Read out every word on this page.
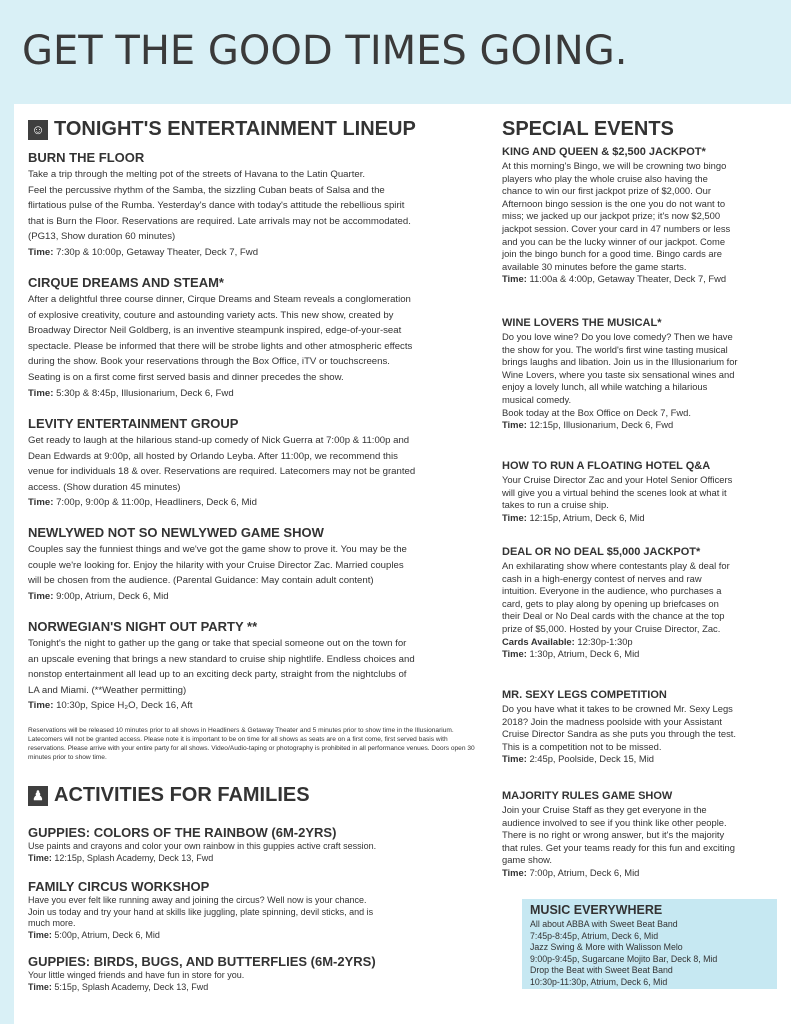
GET THE GOOD TIMES GOING.
☺ TONIGHT'S ENTERTAINMENT LINEUP

BURN THE FLOOR

Take a trip through the melting pot of the streets of Havana to the Latin Quarter.

Feel the percussive rhythm of the Samba, the sizzling Cuban beats of Salsa and the

flirtatious pulse of the Rumba. Yesterday's dance with today's attitude the rebellious spirit

that is Burn the Floor. Reservations are required. Late arrivals may not be accommodated.

(PG13, Show duration 60 minutes)

Time: 7:30p & 10:00p, Getaway Theater, Deck 7, Fwd

CIRQUE DREAMS AND STEAM*

After a delightful three course dinner, Cirque Dreams and Steam reveals a conglomeration

of explosive creativity, couture and astounding variety acts. This new show, created by

Broadway Director Neil Goldberg, is an inventive steampunk inspired, edge-of-your-seat

spectacle. Please be informed that there will be strobe lights and other atmospheric effects

during the show. Book your reservations through the Box Office, iTV or touchscreens.

Seating is on a first come first served basis and dinner precedes the show.

Time: 5:30p & 8:45p, Illusionarium, Deck 6, Fwd

LEVITY ENTERTAINMENT GROUP

Get ready to laugh at the hilarious stand-up comedy of Nick Guerra at 7:00p & 11:00p and

Dean Edwards at 9:00p, all hosted by Orlando Leyba. After 11:00p, we recommend this

venue for individuals 18 & over. Reservations are required. Latecomers may not be granted

access. (Show duration 45 minutes)

Time: 7:00p, 9:00p & 11:00p, Headliners, Deck 6, Mid

NEWLYWED NOT SO NEWLYWED GAME SHOW

Couples say the funniest things and we've got the game show to prove it. You may be the

couple we're looking for. Enjoy the hilarity with your Cruise Director Zac. Married couples

will be chosen from the audience. (Parental Guidance: May contain adult content)

Time: 9:00p, Atrium, Deck 6, Mid

NORWEGIAN'S NIGHT OUT PARTY **

Tonight's the night to gather up the gang or take that special someone out on the town for

an upscale evening that brings a new standard to cruise ship nightlife. Endless choices and

nonstop entertainment all lead up to an exciting deck party, straight from the nightclubs of

LA and Miami. (**Weather permitting)

Time: 10:30p, Spice H₂O, Deck 16, Aft

Reservations will be released 10 minutes prior to all shows in Headliners & Getaway Theater and 5 minutes prior to show time in the Illusionarium. Latecomers will not be granted access. Please note it is important to be on time for all shows as seats are on a first come, first served basis with reservations. Please arrive with your entire party for all shows. Video/Audio-taping or photography is prohibited in all performance venues. Doors open 30 minutes prior to show time.

♟ ACTIVITIES FOR FAMILIES

GUPPIES: COLORS OF THE RAINBOW (6M-2YRS)

Use paints and crayons and color your own rainbow in this guppies active craft session.

Time: 12:15p, Splash Academy, Deck 13, Fwd

FAMILY CIRCUS WORKSHOP

Have you ever felt like running away and joining the circus? Well now is your chance.

Join us today and try your hand at skills like juggling, plate spinning, devil sticks, and is

much more.

Time: 5:00p, Atrium, Deck 6, Mid

GUPPIES: BIRDS, BUGS, AND BUTTERFLIES (6M-2YRS)

Your little winged friends and have fun in store for you.

Time: 5:15p, Splash Academy, Deck 13, Fwd

SPECIAL EVENTS

KING AND QUEEN & $2,500 JACKPOT*

At this morning's Bingo, we will be crowning two bingo

players who play the whole cruise also having the

chance to win our first jackpot prize of $2,000. Our

Afternoon bingo session is the one you do not want to

miss; we jacked up our jackpot prize; it's now $2,500

jackpot session. Cover your card in 47 numbers or less

and you can be the lucky winner of our jackpot. Come

join the bingo bunch for a good time. Bingo cards are

available 30 minutes before the game starts.

Time: 11:00a & 4:00p, Getaway Theater, Deck 7, Fwd

WINE LOVERS THE MUSICAL*

Do you love wine? Do you love comedy? Then we have

the show for you. The world's first wine tasting musical

brings laughs and libation. Join us in the Illusionarium for

Wine Lovers, where you taste six sensational wines and

enjoy a lovely lunch, all while watching a hilarious

musical comedy.

Book today at the Box Office on Deck 7, Fwd.

Time: 12:15p, Illusionarium, Deck 6, Fwd

HOW TO RUN A FLOATING HOTEL Q&A

Your Cruise Director Zac and your Hotel Senior Officers

will give you a virtual behind the scenes look at what it

takes to run a cruise ship.

Time: 12:15p, Atrium, Deck 6, Mid

DEAL OR NO DEAL $5,000 JACKPOT*

An exhilarating show where contestants play & deal for

cash in a high-energy contest of nerves and raw

intuition. Everyone in the audience, who purchases a

card, gets to play along by opening up briefcases on

their Deal or No Deal cards with the chance at the top

prize of $5,000. Hosted by your Cruise Director, Zac.

Cards Available: 12:30p-1:30p

Time: 1:30p, Atrium, Deck 6, Mid

MR. SEXY LEGS COMPETITION

Do you have what it takes to be crowned Mr. Sexy Legs

2018? Join the madness poolside with your Assistant

Cruise Director Sandra as she puts you through the test.

This is a competition not to be missed.

Time: 2:45p, Poolside, Deck 15, Mid

MAJORITY RULES GAME SHOW

Join your Cruise Staff as they get everyone in the

audience involved to see if you think like other people.

There is no right or wrong answer, but it's the majority

that rules. Get your teams ready for this fun and exciting

game show.

Time: 7:00p, Atrium, Deck 6, Mid

MUSIC EVERYWHERE

All about ABBA with Sweet Beat Band

7:45p-8:45p, Atrium, Deck 6, Mid

Jazz Swing & More with Walisson Melo

9:00p-9:45p, Sugarcane Mojito Bar, Deck 8, Mid

Drop the Beat with Sweet Beat Band

10:30p-11:30p, Atrium, Deck 6, Mid
